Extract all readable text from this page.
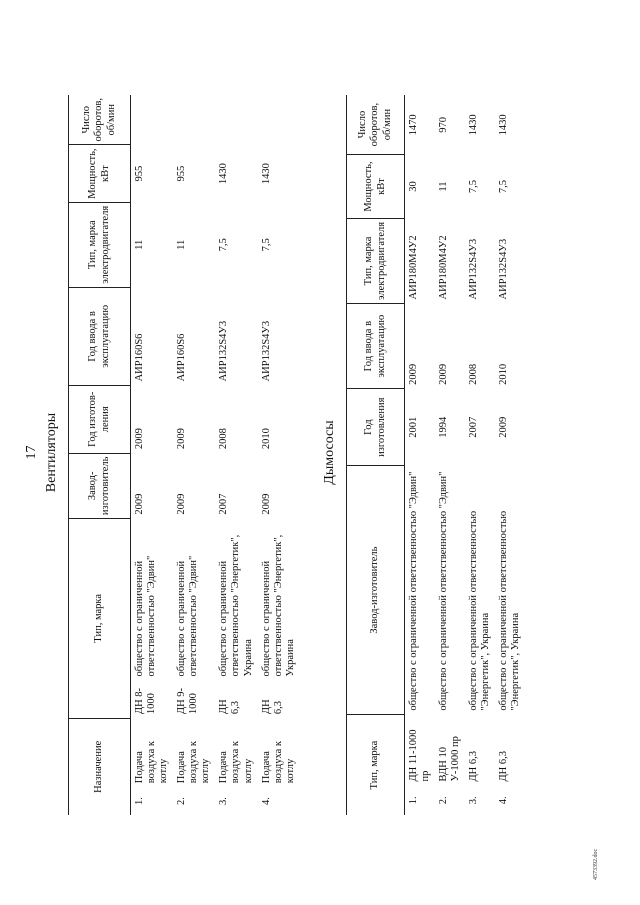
17 Вентиляторы
Назначение		Тип, марка		Завод-изготовитель	Год изготов-ления	Год ввода в эксплуатацию	Тип, марка электродвигателя	Мощность, кВт	Число оборотов, об/мин
1.	Подача воздуха к котлу	ДН 8-1000	общество с ограниченной ответственностью "Эдвин"	2009	2009	АИР160S6	11	955	
2.	Подача воздуха к котлу	ДН 9-1000	общество с ограниченной ответственностью "Эдвин"	2009	2009	АИР160S6	11	955	
3.	Подача воздуха к котлу	ДН 6,3	общество с ограниченной ответственностью "Энергетик", Украина	2007	2008	АИР132S4У3	7,5	1430	
4.	Подача воздуха к котлу	ДН 6,3	общество с ограниченной ответственностью "Энергетик", Украина	2009	2010	АИР132S4У3	7,5	1430	
Дымососы
Тип, марка		Завод-изготовитель	Год изготовления	Год ввода в эксплуатацию	Тип, марка электродвигателя	Мощность, кВт	Число оборотов, об/мин
1.	ДН 11-1000 пр	общество с ограниченной ответственностью "Эдвин"	2001	2009	АИР180М4У2	30	1470
2.	ВДН 10 У-1000 пр	общество с ограниченной ответственностью "Эдвин"	1994	2009	АИР180М4У2	11	970
3.	ДН 6,3	общество с ограниченной ответственностью "Энергетик", Украина	2007	2008	АИР132S4У3	7,5	1430
4.	ДН 6,3	общество с ограниченной ответственностью "Энергетик", Украина	2009	2010	АИР132S4У3	7,5	1430
4573392.doc
